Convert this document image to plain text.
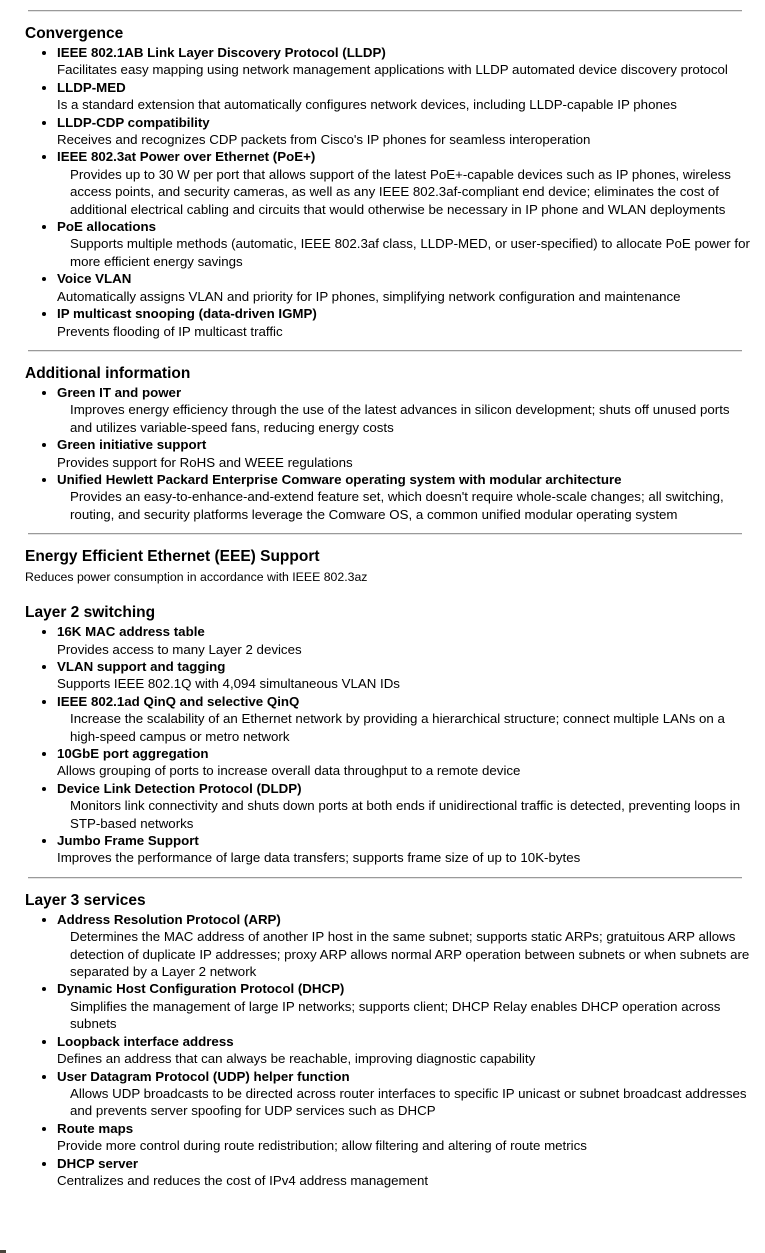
Convergence
• IEEE 802.1AB Link Layer Discovery Protocol (LLDP)

Facilitates easy mapping using network management applications with LLDP automated device discovery protocol

• LLDP-MED

Is a standard extension that automatically configures network devices, including LLDP-capable IP phones

• LLDP-CDP compatibility

Receives and recognizes CDP packets from Cisco's IP phones for seamless interoperation

• IEEE 802.3at Power over Ethernet (PoE+)

Provides up to 30 W per port that allows support of the latest PoE+-capable devices such as IP phones, wireless access points, and security cameras, as well as any IEEE 802.3af-compliant end device; eliminates the cost of additional electrical cabling and circuits that would otherwise be necessary in IP phone and WLAN deployments

• PoE allocations

Supports multiple methods (automatic, IEEE 802.3af class, LLDP-MED, or user-specified) to allocate PoE power for more efficient energy savings

• Voice VLAN

Automatically assigns VLAN and priority for IP phones, simplifying network configuration and maintenance

• IP multicast snooping (data-driven IGMP)

Prevents flooding of IP multicast traffic

Additional information
• Green IT and power

Improves energy efficiency through the use of the latest advances in silicon development; shuts off unused ports and utilizes variable-speed fans, reducing energy costs

• Green initiative support

Provides support for RoHS and WEEE regulations

• Unified Hewlett Packard Enterprise Comware operating system with modular architecture

Provides an easy-to-enhance-and-extend feature set, which doesn't require whole-scale changes; all switching, routing, and security platforms leverage the Comware OS, a common unified modular operating system

Energy Efficient Ethernet (EEE) Support

Reduces power consumption in accordance with IEEE 802.3az

Layer 2 switching
• 16K MAC address table

Provides access to many Layer 2 devices

• VLAN support and tagging

Supports IEEE 802.1Q with 4,094 simultaneous VLAN IDs

• IEEE 802.1ad QinQ and selective QinQ

Increase the scalability of an Ethernet network by providing a hierarchical structure; connect multiple LANs on a high-speed campus or metro network

• 10GbE port aggregation

Allows grouping of ports to increase overall data throughput to a remote device

• Device Link Detection Protocol (DLDP)

Monitors link connectivity and shuts down ports at both ends if unidirectional traffic is detected, preventing loops in STP-based networks

• Jumbo Frame Support

Improves the performance of large data transfers; supports frame size of up to 10K-bytes

Layer 3 services
• Address Resolution Protocol (ARP)

Determines the MAC address of another IP host in the same subnet; supports static ARPs; gratuitous ARP allows detection of duplicate IP addresses; proxy ARP allows normal ARP operation between subnets or when subnets are separated by a Layer 2 network

• Dynamic Host Configuration Protocol (DHCP)

Simplifies the management of large IP networks; supports client; DHCP Relay enables DHCP operation across subnets

• Loopback interface address

Defines an address that can always be reachable, improving diagnostic capability

• User Datagram Protocol (UDP) helper function

Allows UDP broadcasts to be directed across router interfaces to specific IP unicast or subnet broadcast addresses and prevents server spoofing for UDP services such as DHCP

• Route maps

Provide more control during route redistribution; allow filtering and altering of route metrics

• DHCP server

Centralizes and reduces the cost of IPv4 address management
